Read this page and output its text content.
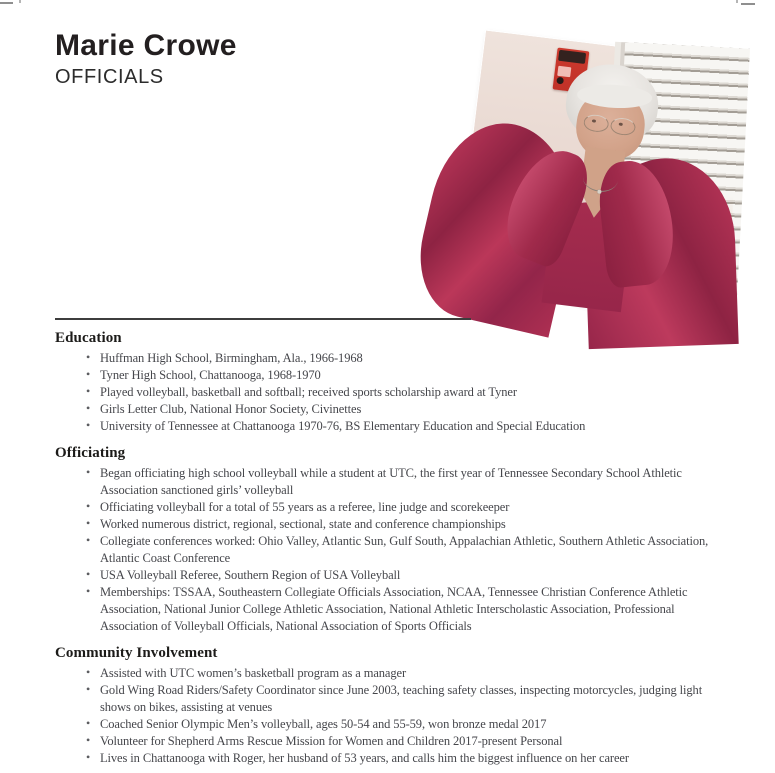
Marie Crowe
OFFICIALS
Education
• Huffman High School, Birmingham, Ala., 1966-1968
• Tyner High School, Chattanooga, 1968-1970
• Played volleyball, basketball and softball; received sports scholarship award at Tyner
• Girls Letter Club, National Honor Society, Civinettes
• University of Tennessee at Chattanooga 1970-76, BS Elementary Education and Special Education
Officiating
• Began officiating high school volleyball while a student at UTC, the first year of Tennessee Secondary School Athletic Association sanctioned girls’ volleyball
• Officiating volleyball for a total of 55 years as a referee, line judge and scorekeeper
• Worked numerous district, regional, sectional, state and conference championships
• Collegiate conferences worked: Ohio Valley, Atlantic Sun, Gulf South, Appalachian Athletic, Southern Athletic Association, Atlantic Coast Conference
• USA Volleyball Referee, Southern Region of USA Volleyball
• Memberships: TSSAA, Southeastern Collegiate Officials Association, NCAA, Tennessee Christian Conference Athletic Association, National Junior College Athletic Association, National Athletic Interscholastic Association, Professional Association of Volleyball Officials, National Association of Sports Officials
Community Involvement
• Assisted with UTC women’s basketball program as a manager
• Gold Wing Road Riders/Safety Coordinator since June 2003, teaching safety classes, inspecting motorcycles, judging light shows on bikes, assisting at venues
• Coached Senior Olympic Men’s volleyball, ages 50-54 and 55-59, won bronze medal 2017
• Volunteer for Shepherd Arms Rescue Mission for Women and Children 2017-present Personal
• Lives in Chattanooga with Roger, her husband of 53 years, and calls him the biggest influence on her career
